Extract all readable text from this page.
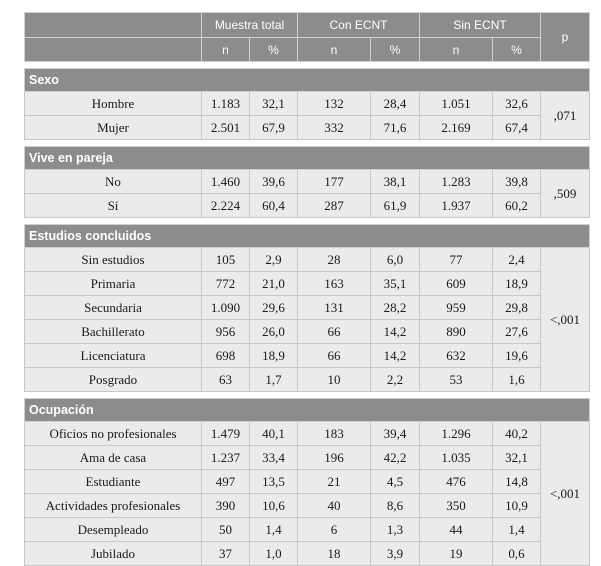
	Muestra total		Con ECNT		Sin ECNT		p
	n	%	n	%	n	%	

Sexo							
Hombre	1.183	32,1	132	28,4	1.051	32,6	,071
Mujer	2.501	67,9	332	71,6	2.169	67,4	

Vive en pareja							
No	1.460	39,6	177	38,1	1.283	39,8	,509
Sí	2.224	60,4	287	61,9	1.937	60,2	

Estudios concluidos							
Sin estudios	105	2,9	28	6,0	77	2,4	<,001
Primaria	772	21,0	163	35,1	609	18,9	
Secundaria	1.090	29,6	131	28,2	959	29,8	
Bachillerato	956	26,0	66	14,2	890	27,6	
Licenciatura	698	18,9	66	14,2	632	19,6	
Posgrado	63	1,7	10	2,2	53	1,6	

Ocupación							
Oficios no profesionales	1.479	40,1	183	39,4	1.296	40,2	<,001
Ama de casa	1.237	33,4	196	42,2	1.035	32,1	
Estudiante	497	13,5	21	4,5	476	14,8	
Actividades profesionales	390	10,6	40	8,6	350	10,9	
Desempleado	50	1,4	6	1,3	44	1,4	
Jubilado	37	1,0	18	3,9	19	0,6	
